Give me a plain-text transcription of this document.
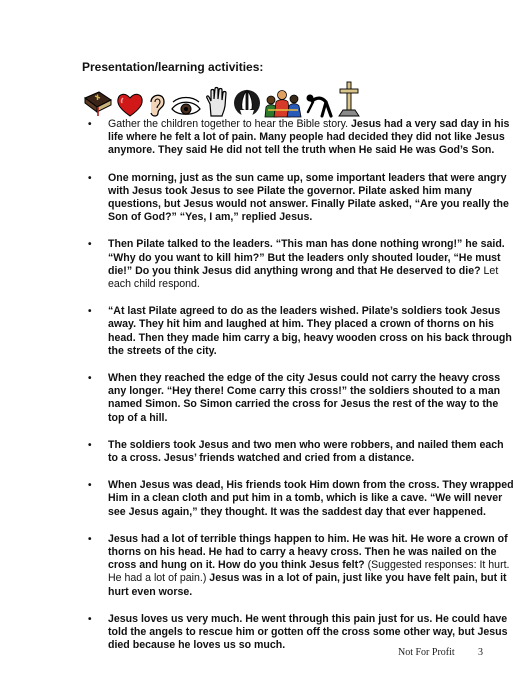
Presentation/learning activities:
• Gather the children together to hear the Bible story. Jesus had a very sad day in his life where he felt a lot of pain. Many people had decided they did not like Jesus anymore. They said He did not tell the truth when He said He was God’s Son.
• One morning, just as the sun came up, some important leaders that were angry with Jesus took Jesus to see Pilate the governor. Pilate asked him many questions, but Jesus would not answer. Finally Pilate asked, “Are you really the Son of God?” “Yes, I am,” replied Jesus.
• Then Pilate talked to the leaders. “This man has done nothing wrong!” he said. “Why do you want to kill him?” But the leaders only shouted louder, “He must die!” Do you think Jesus did anything wrong and that He deserved to die? Let each child respond.
• “At last Pilate agreed to do as the leaders wished. Pilate’s soldiers took Jesus away. They hit him and laughed at him. They placed a crown of thorns on his head. Then they made him carry a big, heavy wooden cross on his back through the streets of the city.
• When they reached the edge of the city Jesus could not carry the heavy cross any longer. “Hey there! Come carry this cross!” the soldiers shouted to a man named Simon. So Simon carried the cross for Jesus the rest of the way to the top of a hill.
• The soldiers took Jesus and two men who were robbers, and nailed them each to a cross. Jesus’ friends watched and cried from a distance.
• When Jesus was dead, His friends took Him down from the cross. They wrapped Him in a clean cloth and put him in a tomb, which is like a cave. “We will never see Jesus again,” they thought. It was the saddest day that ever happened.
• Jesus had a lot of terrible things happen to him. He was hit. He wore a crown of thorns on his head. He had to carry a heavy cross. Then he was nailed on the cross and hung on it. How do you think Jesus felt? (Suggested responses: It hurt. He had a lot of pain.) Jesus was in a lot of pain, just like you have felt pain, but it hurt even worse.
• Jesus loves us very much. He went through this pain just for us. He could have told the angels to rescue him or gotten off the cross some other way, but Jesus died because he loves us so much.
Not For Profit 3
